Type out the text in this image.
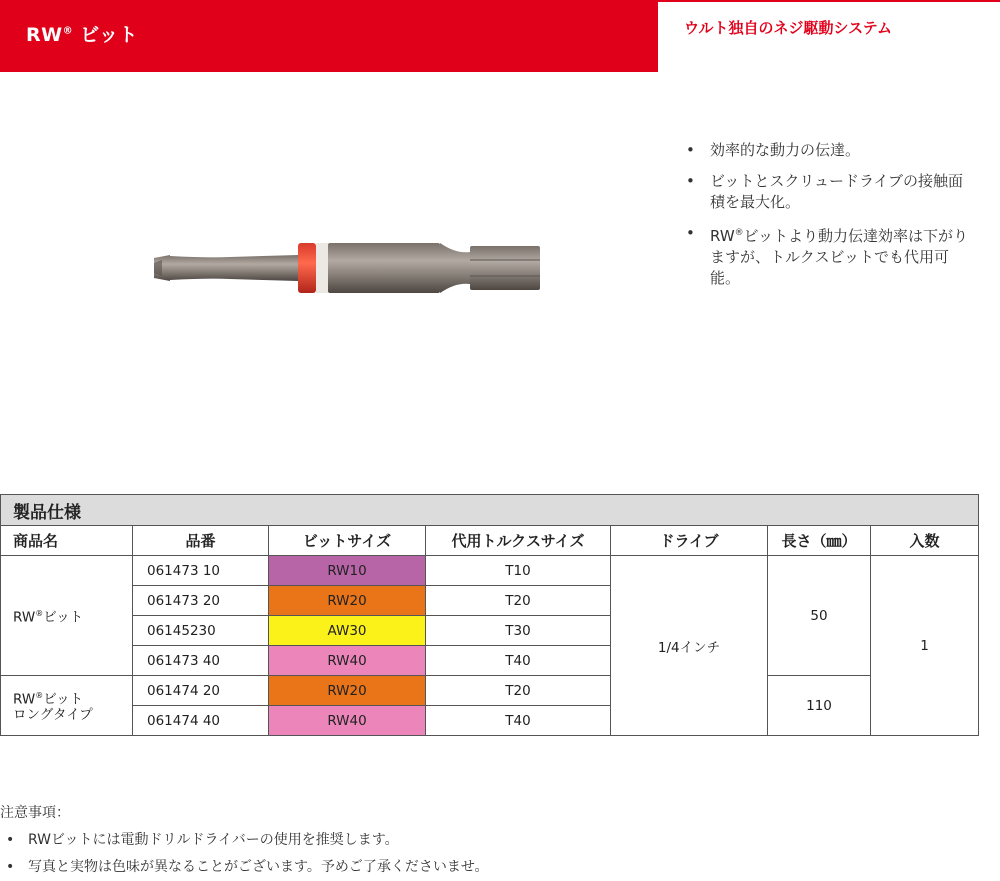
RW® ビット	ウルト独自のネジ駆動システム
• 効率的な動力の伝達。
• ビットとスクリュードライブの接触面積を最大化。
• RW®ビットより動力伝達効率は下がりますが、トルクスビットでも代用可能。
製品仕様						
商品名	品番	ビットサイズ	代用トルクスサイズ	ドライブ	長さ（㎜）	入数
RW®ビット	061473 10	RW10	T10	1/4インチ	50	1
	061473 20	RW20	T20			
	06145230	AW30	T30			
	061473 40	RW40	T40			
RW®ビット
ロングタイプ	061474 20	RW20	T20		110	
	061474 40	RW40	T40			
注意事項：
• RWビットには電動ドリルドライバーの使用を推奨します。
• 写真と実物は色味が異なることがございます。予めご了承くださいませ。
